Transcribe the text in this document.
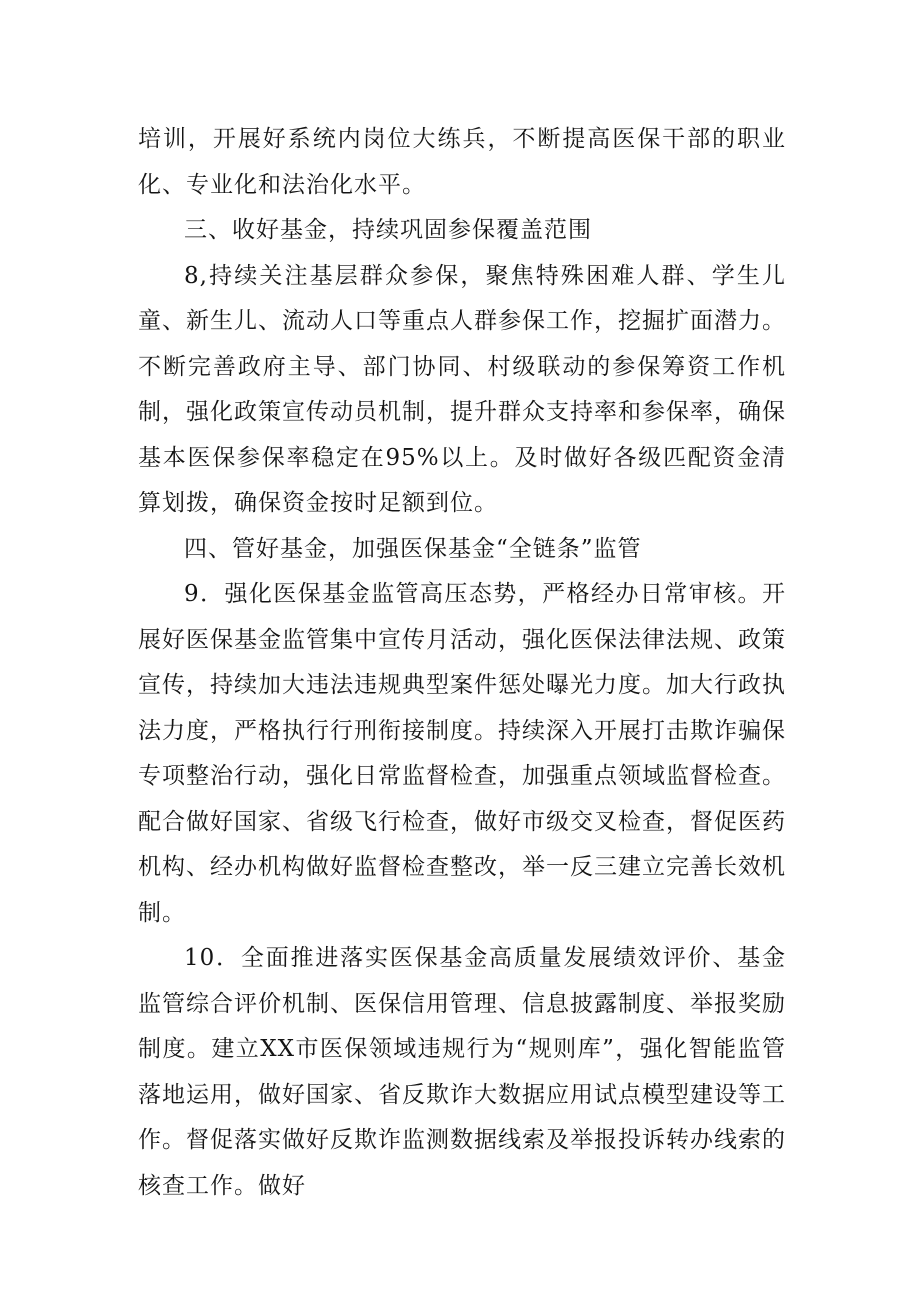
培训，开展好系统内岗位大练兵，不断提高医保干部的职业化、专业化和法治化水平。

三、收好基金，持续巩固参保覆盖范围

8,持续关注基层群众参保，聚焦特殊困难人群、学生儿童、新生儿、流动人口等重点人群参保工作，挖掘扩面潜力。不断完善政府主导、部门协同、村级联动的参保筹资工作机制，强化政策宣传动员机制，提升群众支持率和参保率，确保基本医保参保率稳定在95%以上。及时做好各级匹配资金清算划拨，确保资金按时足额到位。

四、管好基金，加强医保基金“全链条”监管

9．强化医保基金监管高压态势，严格经办日常审核。开展好医保基金监管集中宣传月活动，强化医保法律法规、政策宣传，持续加大违法违规典型案件惩处曝光力度。加大行政执法力度，严格执行行刑衔接制度。持续深入开展打击欺诈骗保专项整治行动，强化日常监督检查，加强重点领域监督检查。配合做好国家、省级飞行检查，做好市级交叉检查，督促医药机构、经办机构做好监督检查整改，举一反三建立完善长效机制。

10．全面推进落实医保基金高质量发展绩效评价、基金监管综合评价机制、医保信用管理、信息披露制度、举报奖励制度。建立XX市医保领域违规行为“规则库”，强化智能监管落地运用，做好国家、省反欺诈大数据应用试点模型建设等工作。督促落实做好反欺诈监测数据线索及举报投诉转办线索的核查工作。做好
